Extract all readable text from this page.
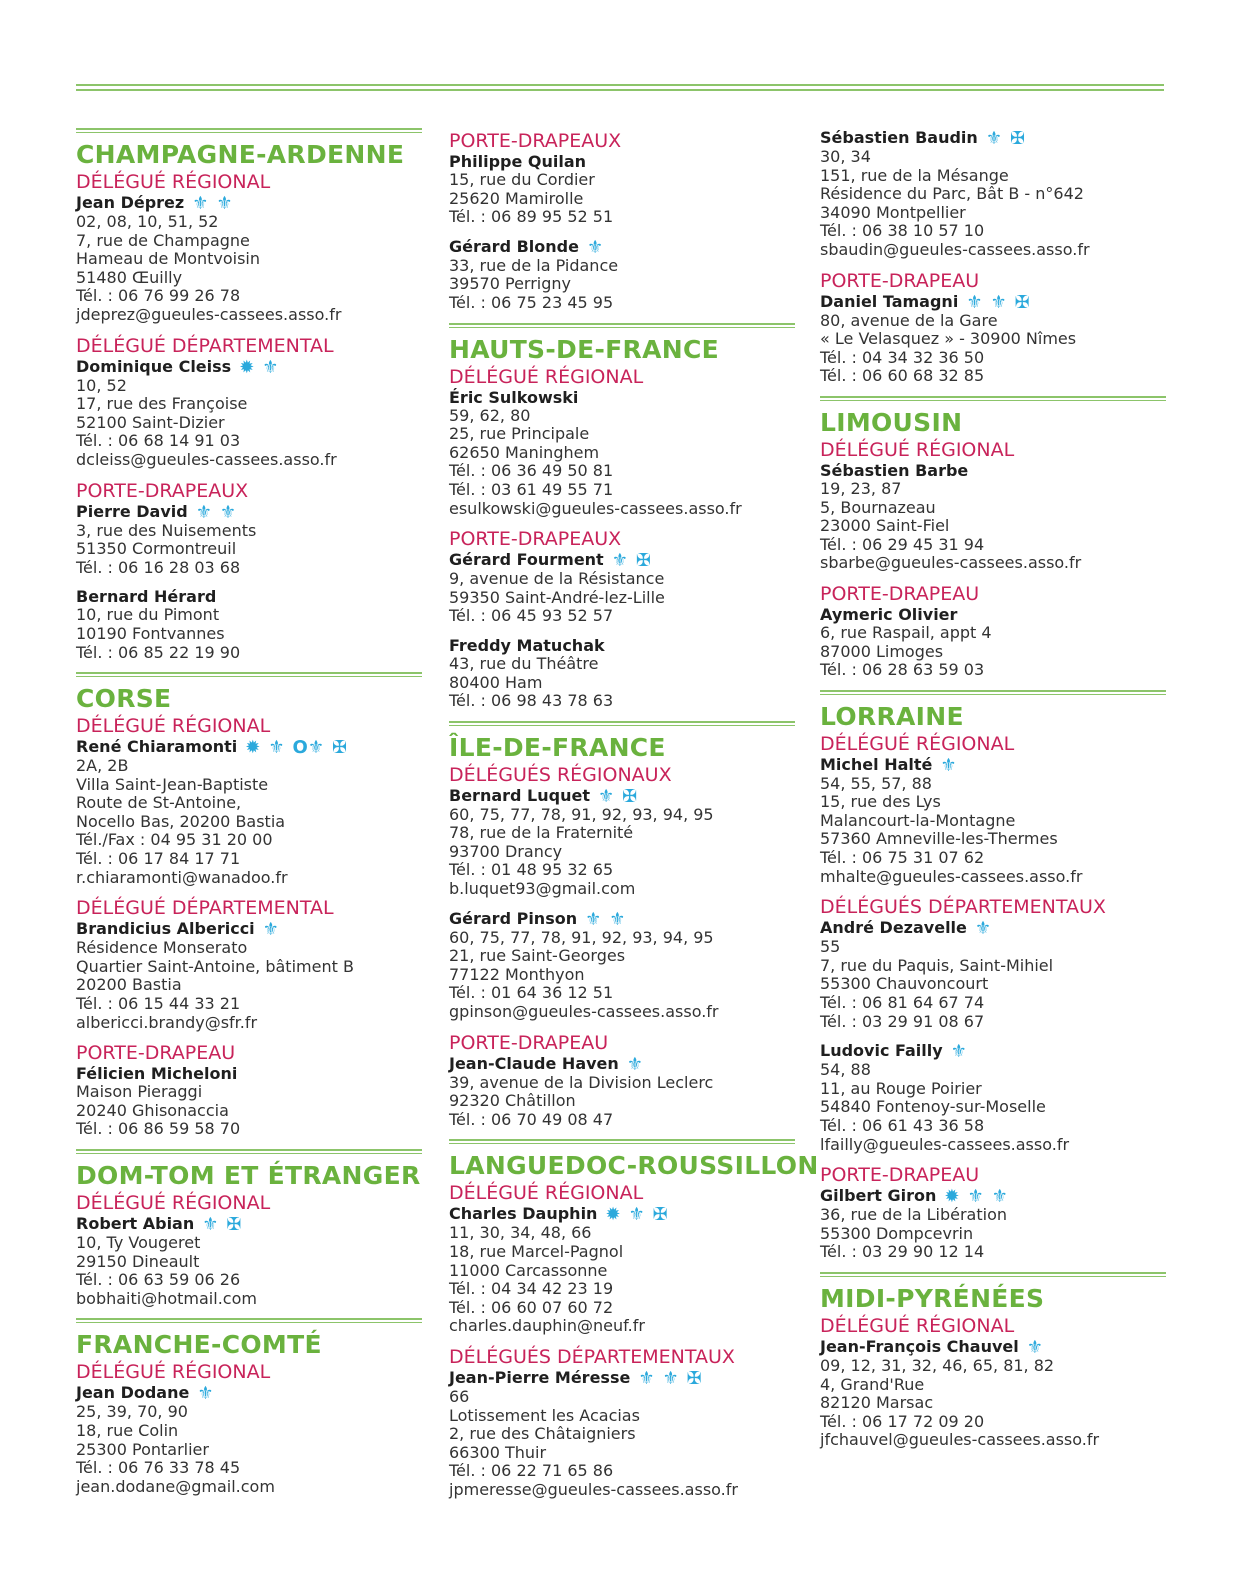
CHAMPAGNE-ARDENNE
DÉLÉGUÉ RÉGIONAL
Jean Déprez ⚜ ⚜
02, 08, 10, 51, 52
7, rue de Champagne
Hameau de Montvoisin
51480 Œuilly
Tél. : 06 76 99 26 78
jdeprez@gueules-cassees.asso.fr
DÉLÉGUÉ DÉPARTEMENTAL
Dominique Cleiss ✹ ⚜
10, 52
17, rue des Françoise
52100 Saint-Dizier
Tél. : 06 68 14 91 03
dcleiss@gueules-cassees.asso.fr
PORTE-DRAPEAUX
Pierre David ⚜ ⚜
3, rue des Nuisements
51350 Cormontreuil
Tél. : 06 16 28 03 68
Bernard Hérard
10, rue du Pimont
10190 Fontvannes
Tél. : 06 85 22 19 90
CORSE
DÉLÉGUÉ RÉGIONAL
René Chiaramonti ✹ ⚜ O⚜ ✠
2A, 2B
Villa Saint-Jean-Baptiste
Route de St-Antoine,
Nocello Bas, 20200 Bastia
Tél./Fax : 04 95 31 20 00
Tél. : 06 17 84 17 71
r.chiaramonti@wanadoo.fr
DÉLÉGUÉ DÉPARTEMENTAL
Brandicius Albericci ⚜
Résidence Monserato
Quartier Saint-Antoine, bâtiment B
20200 Bastia
Tél. : 06 15 44 33 21
albericci.brandy@sfr.fr
PORTE-DRAPEAU
Félicien Micheloni
Maison Pieraggi
20240 Ghisonaccia
Tél. : 06 86 59 58 70
DOM-TOM ET ÉTRANGER
DÉLÉGUÉ RÉGIONAL
Robert Abian ⚜ ✠
10, Ty Vougeret
29150 Dineault
Tél. : 06 63 59 06 26
bobhaiti@hotmail.com
FRANCHE-COMTÉ
DÉLÉGUÉ RÉGIONAL
Jean Dodane ⚜
25, 39, 70, 90
18, rue Colin
25300 Pontarlier
Tél. : 06 76 33 78 45
jean.dodane@gmail.com
PORTE-DRAPEAUX
Philippe Quilan
15, rue du Cordier
25620 Mamirolle
Tél. : 06 89 95 52 51
Gérard Blonde ⚜
33, rue de la Pidance
39570 Perrigny
Tél. : 06 75 23 45 95
HAUTS-DE-FRANCE
DÉLÉGUÉ RÉGIONAL
Éric Sulkowski
59, 62, 80
25, rue Principale
62650 Maninghem
Tél. : 06 36 49 50 81
Tél. : 03 61 49 55 71
esulkowski@gueules-cassees.asso.fr
PORTE-DRAPEAUX
Gérard Fourment ⚜ ✠
9, avenue de la Résistance
59350 Saint-André-lez-Lille
Tél. : 06 45 93 52 57
Freddy Matuchak
43, rue du Théâtre
80400 Ham
Tél. : 06 98 43 78 63
ÎLE-DE-FRANCE
DÉLÉGUÉS RÉGIONAUX
Bernard Luquet ⚜ ✠
60, 75, 77, 78, 91, 92, 93, 94, 95
78, rue de la Fraternité
93700 Drancy
Tél. : 01 48 95 32 65
b.luquet93@gmail.com
Gérard Pinson ⚜ ⚜
60, 75, 77, 78, 91, 92, 93, 94, 95
21, rue Saint-Georges
77122 Monthyon
Tél. : 01 64 36 12 51
gpinson@gueules-cassees.asso.fr
PORTE-DRAPEAU
Jean-Claude Haven ⚜
39, avenue de la Division Leclerc
92320 Châtillon
Tél. : 06 70 49 08 47
LANGUEDOC-ROUSSILLON
DÉLÉGUÉ RÉGIONAL
Charles Dauphin ✹ ⚜ ✠
11, 30, 34, 48, 66
18, rue Marcel-Pagnol
11000 Carcassonne
Tél. : 04 34 42 23 19
Tél. : 06 60 07 60 72
charles.dauphin@neuf.fr
DÉLÉGUÉS DÉPARTEMENTAUX
Jean-Pierre Méresse ⚜ ⚜ ✠
66
Lotissement les Acacias
2, rue des Châtaigniers
66300 Thuir
Tél. : 06 22 71 65 86
jpmeresse@gueules-cassees.asso.fr
Sébastien Baudin ⚜ ✠
30, 34
151, rue de la Mésange
Résidence du Parc, Bât B - n°642
34090 Montpellier
Tél. : 06 38 10 57 10
sbaudin@gueules-cassees.asso.fr
PORTE-DRAPEAU
Daniel Tamagni ⚜ ⚜ ✠
80, avenue de la Gare
« Le Velasquez » - 30900 Nîmes
Tél. : 04 34 32 36 50
Tél. : 06 60 68 32 85
LIMOUSIN
DÉLÉGUÉ RÉGIONAL
Sébastien Barbe
19, 23, 87
5, Bournazeau
23000 Saint-Fiel
Tél. : 06 29 45 31 94
sbarbe@gueules-cassees.asso.fr
PORTE-DRAPEAU
Aymeric Olivier
6, rue Raspail, appt 4
87000 Limoges
Tél. : 06 28 63 59 03
LORRAINE
DÉLÉGUÉ RÉGIONAL
Michel Halté ⚜
54, 55, 57, 88
15, rue des Lys
Malancourt-la-Montagne
57360 Amneville-les-Thermes
Tél. : 06 75 31 07 62
mhalte@gueules-cassees.asso.fr
DÉLÉGUÉS DÉPARTEMENTAUX
André Dezavelle ⚜
55
7, rue du Paquis, Saint-Mihiel
55300 Chauvoncourt
Tél. : 06 81 64 67 74
Tél. : 03 29 91 08 67
Ludovic Failly ⚜
54, 88
11, au Rouge Poirier
54840 Fontenoy-sur-Moselle
Tél. : 06 61 43 36 58
lfailly@gueules-cassees.asso.fr
PORTE-DRAPEAU
Gilbert Giron ✹ ⚜ ⚜
36, rue de la Libération
55300 Dompcevrin
Tél. : 03 29 90 12 14
MIDI-PYRÉNÉES
DÉLÉGUÉ RÉGIONAL
Jean-François Chauvel ⚜
09, 12, 31, 32, 46, 65, 81, 82
4, Grand'Rue
82120 Marsac
Tél. : 06 17 72 09 20
jfchauvel@gueules-cassees.asso.fr
